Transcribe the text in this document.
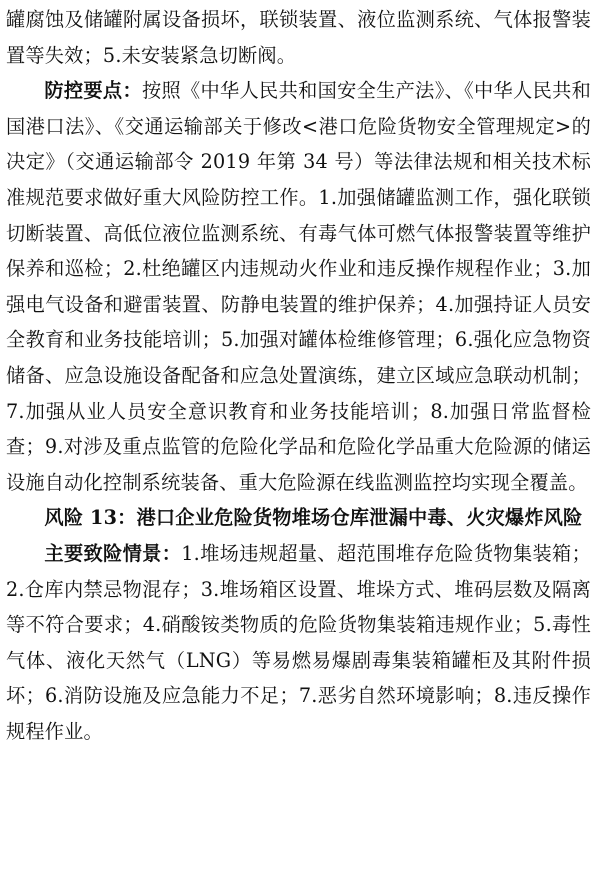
罐腐蚀及储罐附属设备损坏，联锁装置、液位监测系统、气体报警装置等失效；5.未安装紧急切断阀。

防控要点：按照《中华人民共和国安全生产法》、《中华人民共和国港口法》、《交通运输部关于修改<港口危险货物安全管理规定>的决定》（交通运输部令 2019 年第 34 号）等法律法规和相关技术标准规范要求做好重大风险防控工作。1.加强储罐监测工作，强化联锁切断装置、高低位液位监测系统、有毒气体可燃气体报警装置等维护保养和巡检；2.杜绝罐区内违规动火作业和违反操作规程作业；3.加强电气设备和避雷装置、防静电装置的维护保养；4.加强持证人员安全教育和业务技能培训；5.加强对罐体检维修管理；6.强化应急物资储备、应急设施设备配备和应急处置演练，建立区域应急联动机制；7.加强从业人员安全意识教育和业务技能培训；8.加强日常监督检查；9.对涉及重点监管的危险化学品和危险化学品重大危险源的储运设施自动化控制系统装备、重大危险源在线监测监控均实现全覆盖。

风险 13：港口企业危险货物堆场仓库泄漏中毒、火灾爆炸风险

主要致险情景：1.堆场违规超量、超范围堆存危险货物集装箱；2.仓库内禁忌物混存；3.堆场箱区设置、堆垛方式、堆码层数及隔离等不符合要求；4.硝酸铵类物质的危险货物集装箱违规作业；5.毒性气体、液化天然气（LNG）等易燃易爆剧毒集装箱罐柜及其附件损坏；6.消防设施及应急能力不足；7.恶劣自然环境影响；8.违反操作规程作业。
